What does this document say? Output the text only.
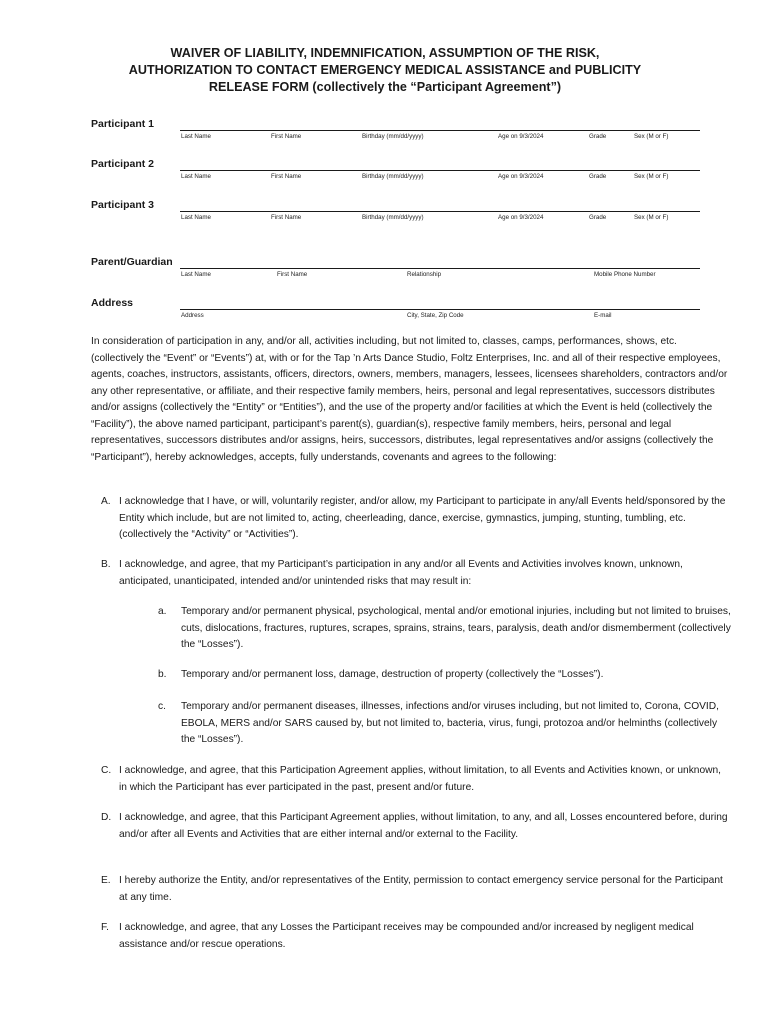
WAIVER OF LIABILITY, INDEMNIFICATION, ASSUMPTION OF THE RISK,
AUTHORIZATION TO CONTACT EMERGENCY MEDICAL ASSISTANCE and PUBLICITY
RELEASE FORM (collectively the “Participant Agreement”)
Participant 1
Last Name	First Name	Birthday (mm/dd/yyyy)	Age on 9/3/2024	Grade	Sex (M or F)
Participant 2
Last Name	First Name	Birthday (mm/dd/yyyy)	Age on 9/3/2024	Grade	Sex (M or F)
Participant 3
Last Name	First Name	Birthday (mm/dd/yyyy)	Age on 9/3/2024	Grade	Sex (M or F)
Parent/Guardian
Last Name	First Name	Relationship	Mobile Phone Number
Address
Address	City, State, Zip Code	E-mail

In consideration of participation in any, and/or all, activities including, but not limited to, classes, camps, performances, shows, etc. (collectively the “Event” or “Events”) at, with or for the Tap ’n Arts Dance Studio, Foltz Enterprises, Inc. and all of their respective employees, agents, coaches, instructors, assistants, officers, directors, owners, members, managers, lessees, licensees shareholders, contractors and/or any other representative, or affiliate, and their respective family members, heirs, personal and legal representatives, successors distributes and/or assigns (collectively the “Entity” or “Entities”), and the use of the property and/or facilities at which the Event is held (collectively the “Facility”), the above named participant, participant’s parent(s), guardian(s), respective family members, heirs, personal and legal representatives, successors distributes and/or assigns, heirs, successors, distributes, legal representatives and/or assigns (collectively the “Participant”), hereby acknowledges, accepts, fully understands, covenants and agrees to the following:

A. I acknowledge that I have, or will, voluntarily register, and/or allow, my Participant to participate in any/all Events held/sponsored by the Entity which include, but are not limited to, acting, cheerleading, dance, exercise, gymnastics, jumping, stunting, tumbling, etc. (collectively the “Activity” or “Activities”).
B. I acknowledge, and agree, that my Participant’s participation in any and/or all Events and Activities involves known, unknown, anticipated, unanticipated, intended and/or unintended risks that may result in:
a. Temporary and/or permanent physical, psychological, mental and/or emotional injuries, including but not limited to bruises, cuts, dislocations, fractures, ruptures, scrapes, sprains, strains, tears, paralysis, death and/or dismemberment (collectively the “Losses”).
b. Temporary and/or permanent loss, damage, destruction of property (collectively the “Losses”).
c. Temporary and/or permanent diseases, illnesses, infections and/or viruses including, but not limited to, Corona, COVID, EBOLA, MERS and/or SARS caused by, but not limited to, bacteria, virus, fungi, protozoa and/or helminths (collectively the “Losses”).
C. I acknowledge, and agree, that this Participation Agreement applies, without limitation, to all Events and Activities known, or unknown, in which the Participant has ever participated in the past, present and/or future.
D. I acknowledge, and agree, that this Participant Agreement applies, without limitation, to any, and all, Losses encountered before, during and/or after all Events and Activities that are either internal and/or external to the Facility.
E. I hereby authorize the Entity, and/or representatives of the Entity, permission to contact emergency service personal for the Participant at any time.
F. I acknowledge, and agree, that any Losses the Participant receives may be compounded and/or increased by negligent medical assistance and/or rescue operations.
